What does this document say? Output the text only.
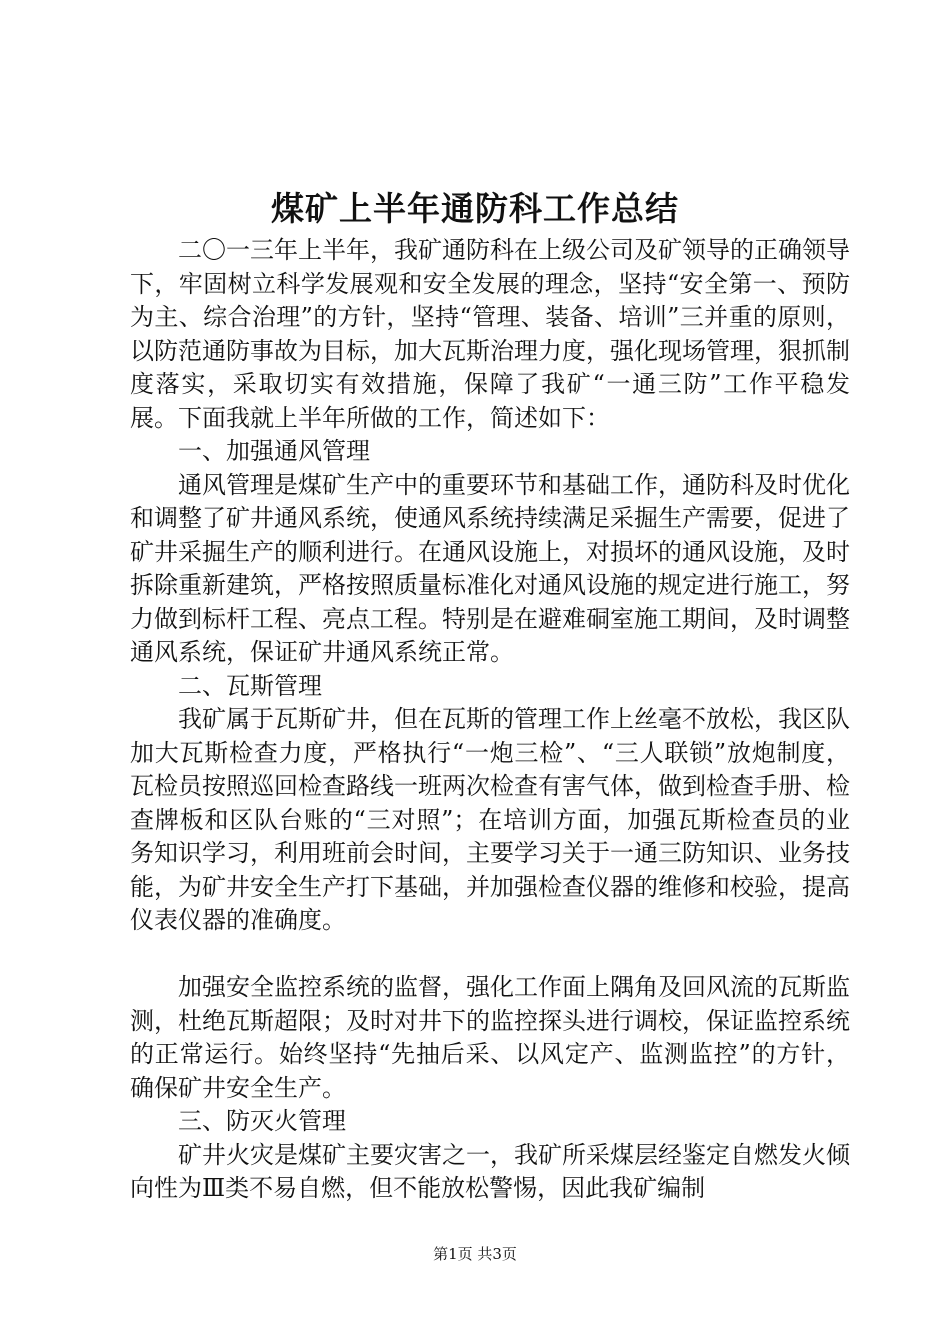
煤矿上半年通防科工作总结

二〇一三年上半年，我矿通防科在上级公司及矿领导的正确领导下，牢固树立科学发展观和安全发展的理念，坚持“安全第一、预防为主、综合治理”的方针，坚持“管理、装备、培训”三并重的原则，以防范通防事故为目标，加大瓦斯治理力度，强化现场管理，狠抓制度落实，采取切实有效措施，保障了我矿“一通三防”工作平稳发展。下面我就上半年所做的工作，简述如下：

一、加强通风管理

通风管理是煤矿生产中的重要环节和基础工作，通防科及时优化和调整了矿井通风系统，使通风系统持续满足采掘生产需要，促进了矿井采掘生产的顺利进行。在通风设施上，对损坏的通风设施，及时拆除重新建筑，严格按照质量标准化对通风设施的规定进行施工，努力做到标杆工程、亮点工程。特别是在避难硐室施工期间，及时调整通风系统，保证矿井通风系统正常。

二、瓦斯管理

我矿属于瓦斯矿井，但在瓦斯的管理工作上丝毫不放松，我区队加大瓦斯检查力度，严格执行“一炮三检”、“三人联锁”放炮制度，瓦检员按照巡回检查路线一班两次检查有害气体，做到检查手册、检查牌板和区队台账的“三对照”；在培训方面，加强瓦斯检查员的业务知识学习，利用班前会时间，主要学习关于一通三防知识、业务技能，为矿井安全生产打下基础，并加强检查仪器的维修和校验，提高仪表仪器的准确度。

加强安全监控系统的监督，强化工作面上隅角及回风流的瓦斯监测，杜绝瓦斯超限；及时对井下的监控探头进行调校，保证监控系统的正常运行。始终坚持“先抽后采、以风定产、监测监控”的方针，确保矿井安全生产。

三、防灭火管理

矿井火灾是煤矿主要灾害之一，我矿所采煤层经鉴定自燃发火倾向性为Ⅲ类不易自燃，但不能放松警惕，因此我矿编制

第1页 共3页
